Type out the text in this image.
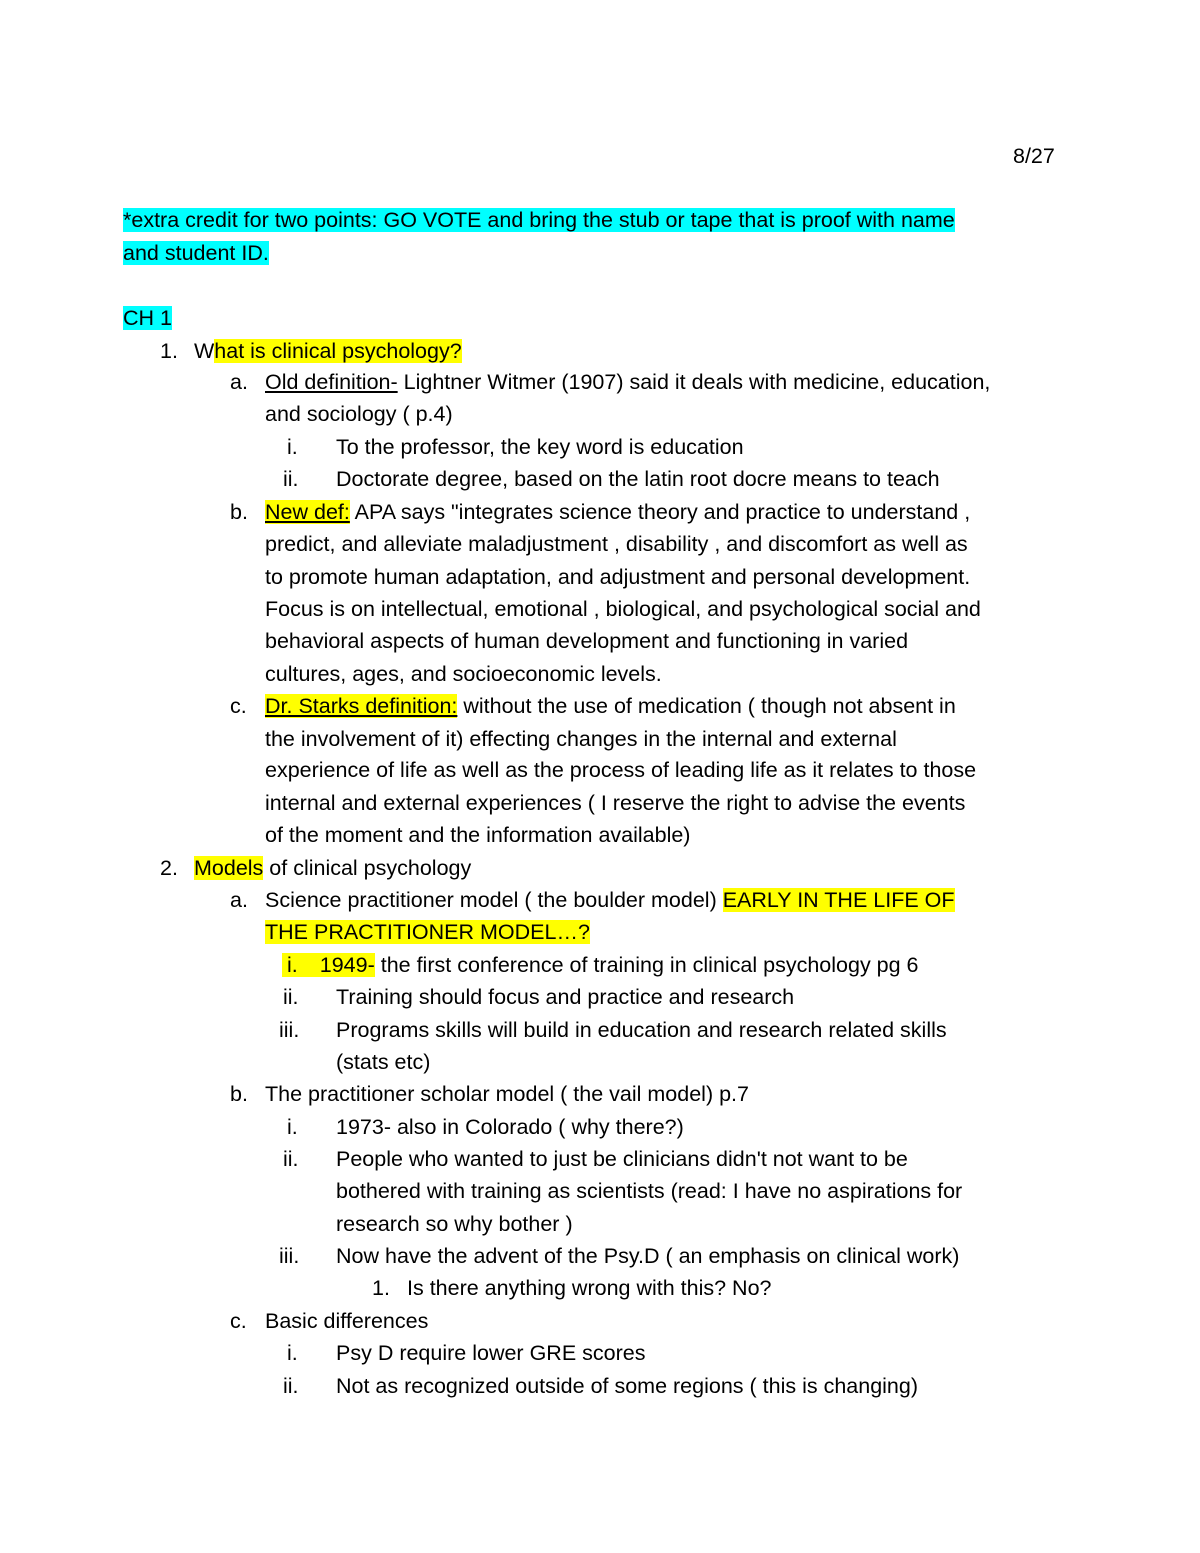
8/27
*extra credit for two points: GO VOTE and bring the stub or tape that is proof with name
and student ID.
CH 1
1. What is clinical psychology?
a. Old definition- Lightner Witmer (1907) said it deals with medicine, education,
and sociology ( p.4)
i. To the professor, the key word is education
ii. Doctorate degree, based on the latin root docre means to teach
b. New def: APA says "integrates science theory and practice to understand ,
predict, and alleviate maladjustment , disability , and discomfort as well as
to promote human adaptation, and adjustment and personal development.
Focus is on intellectual, emotional , biological, and psychological social and
behavioral aspects of human development and functioning in varied
cultures, ages, and socioeconomic levels.
c. Dr. Starks definition: without the use of medication ( though not absent in
the involvement of it) effecting changes in the internal and external
experience of life as well as the process of leading life as it relates to those
internal and external experiences ( I reserve the right to advise the events
of the moment and the information available)
2. Models of clinical psychology
a. Science practitioner model ( the boulder model) EARLY IN THE LIFE OF
THE PRACTITIONER MODEL…?
i. 1949- the first conference of training in clinical psychology pg 6
ii. Training should focus and practice and research
iii. Programs skills will build in education and research related skills
(stats etc)
b. The practitioner scholar model ( the vail model) p.7
i. 1973- also in Colorado ( why there?)
ii. People who wanted to just be clinicians didn't not want to be
bothered with training as scientists (read: I have no aspirations for
research so why bother )
iii. Now have the advent of the Psy.D ( an emphasis on clinical work)
1. Is there anything wrong with this? No?
c. Basic differences
i. Psy D require lower GRE scores
ii. Not as recognized outside of some regions ( this is changing)
